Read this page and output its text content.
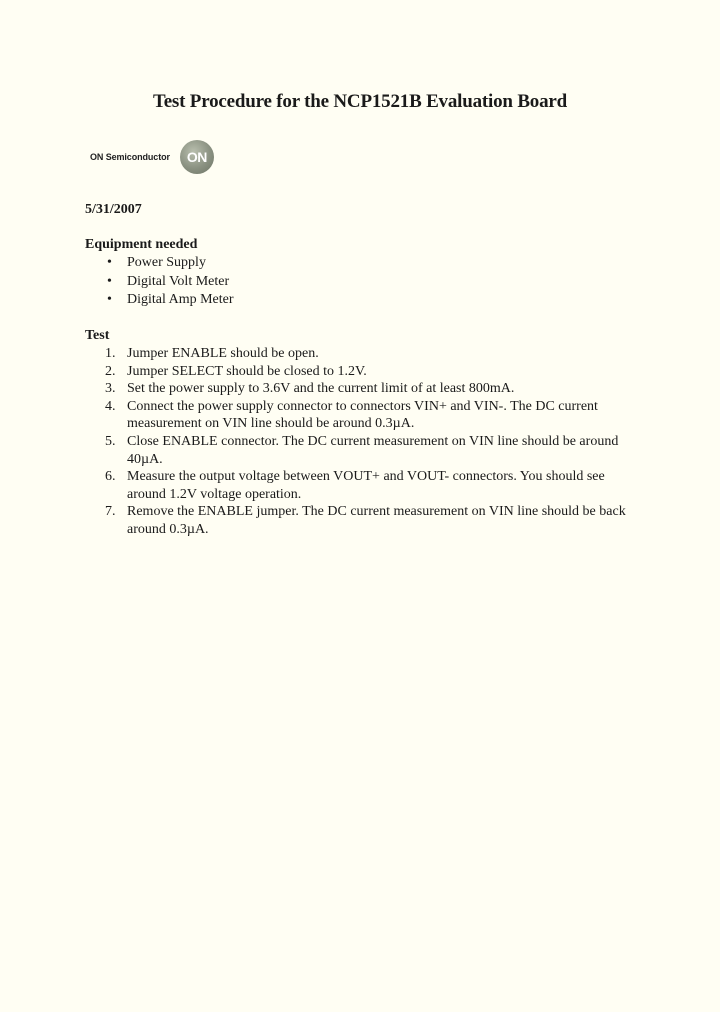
Test Procedure for the NCP1521B Evaluation Board
ON Semiconductor ON
5/31/2007

Equipment needed

• Power Supply
• Digital Volt Meter
• Digital Amp Meter

Test

1. Jumper ENABLE should be open.
2. Jumper SELECT should be closed to 1.2V.
3. Set the power supply to 3.6V and the current limit of at least 800mA.
4. Connect the power supply connector to connectors VIN+ and VIN-. The DC current measurement on VIN line should be around 0.3µA.
5. Close ENABLE connector. The DC current measurement on VIN line should be around 40µA.
6. Measure the output voltage between VOUT+ and VOUT- connectors. You should see around 1.2V voltage operation.
7. Remove the ENABLE jumper. The DC current measurement on VIN line should be back around 0.3µA.
